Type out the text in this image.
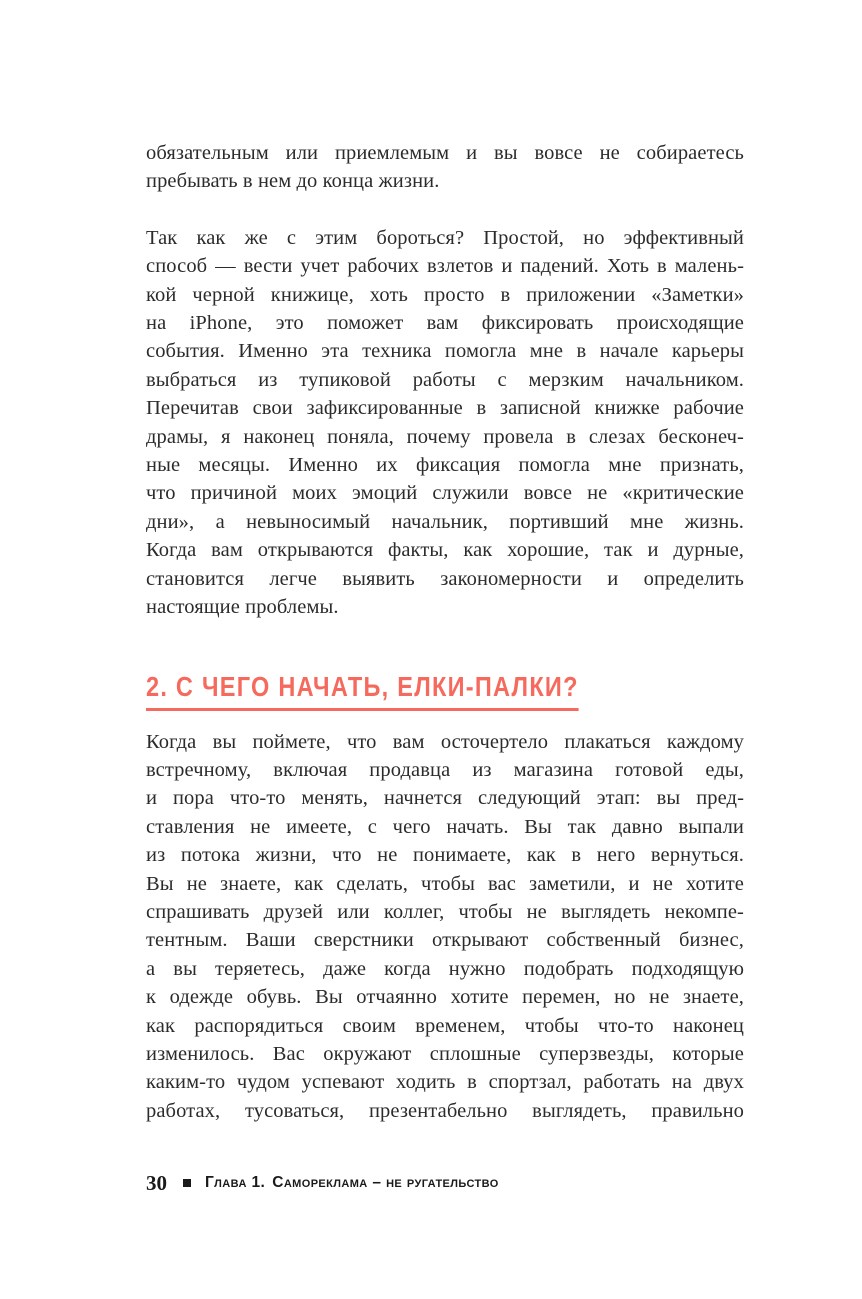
обязательным или приемлемым и вы вовсе не собираетесь
пребывать в нем до конца жизни.
Так как же с этим бороться? Простой, но эффективный
способ — вести учет рабочих взлетов и падений. Хоть в малень-
кой черной книжице, хоть просто в приложении «Заметки»
на iPhone, это поможет вам фиксировать происходящие
события. Именно эта техника помогла мне в начале карьеры
выбраться из тупиковой работы с мерзким начальником.
Перечитав свои зафиксированные в записной книжке рабочие
драмы, я наконец поняла, почему провела в слезах бесконеч-
ные месяцы. Именно их фиксация помогла мне признать,
что причиной моих эмоций служили вовсе не «критические
дни», а невыносимый начальник, портивший мне жизнь.
Когда вам открываются факты, как хорошие, так и дурные,
становится легче выявить закономерности и определить
настоящие проблемы.
2. С ЧЕГО НАЧАТЬ, ЕЛКИ-ПАЛКИ?
Когда вы поймете, что вам осточертело плакаться каждому
встречному, включая продавца из магазина готовой еды,
и пора что-то менять, начнется следующий этап: вы пред-
ставления не имеете, с чего начать. Вы так давно выпали
из потока жизни, что не понимаете, как в него вернуться.
Вы не знаете, как сделать, чтобы вас заметили, и не хотите
спрашивать друзей или коллег, чтобы не выглядеть некомпе-
тентным. Ваши сверстники открывают собственный бизнес,
а вы теряетесь, даже когда нужно подобрать подходящую
к одежде обувь. Вы отчаянно хотите перемен, но не знаете,
как распорядиться своим временем, чтобы что-то наконец
изменилось. Вас окружают сплошные суперзвезды, которые
каким-то чудом успевают ходить в спортзал, работать на двух
работах, тусоваться, презентабельно выглядеть, правильно
30 Глава 1. Самореклама – не ругательство
